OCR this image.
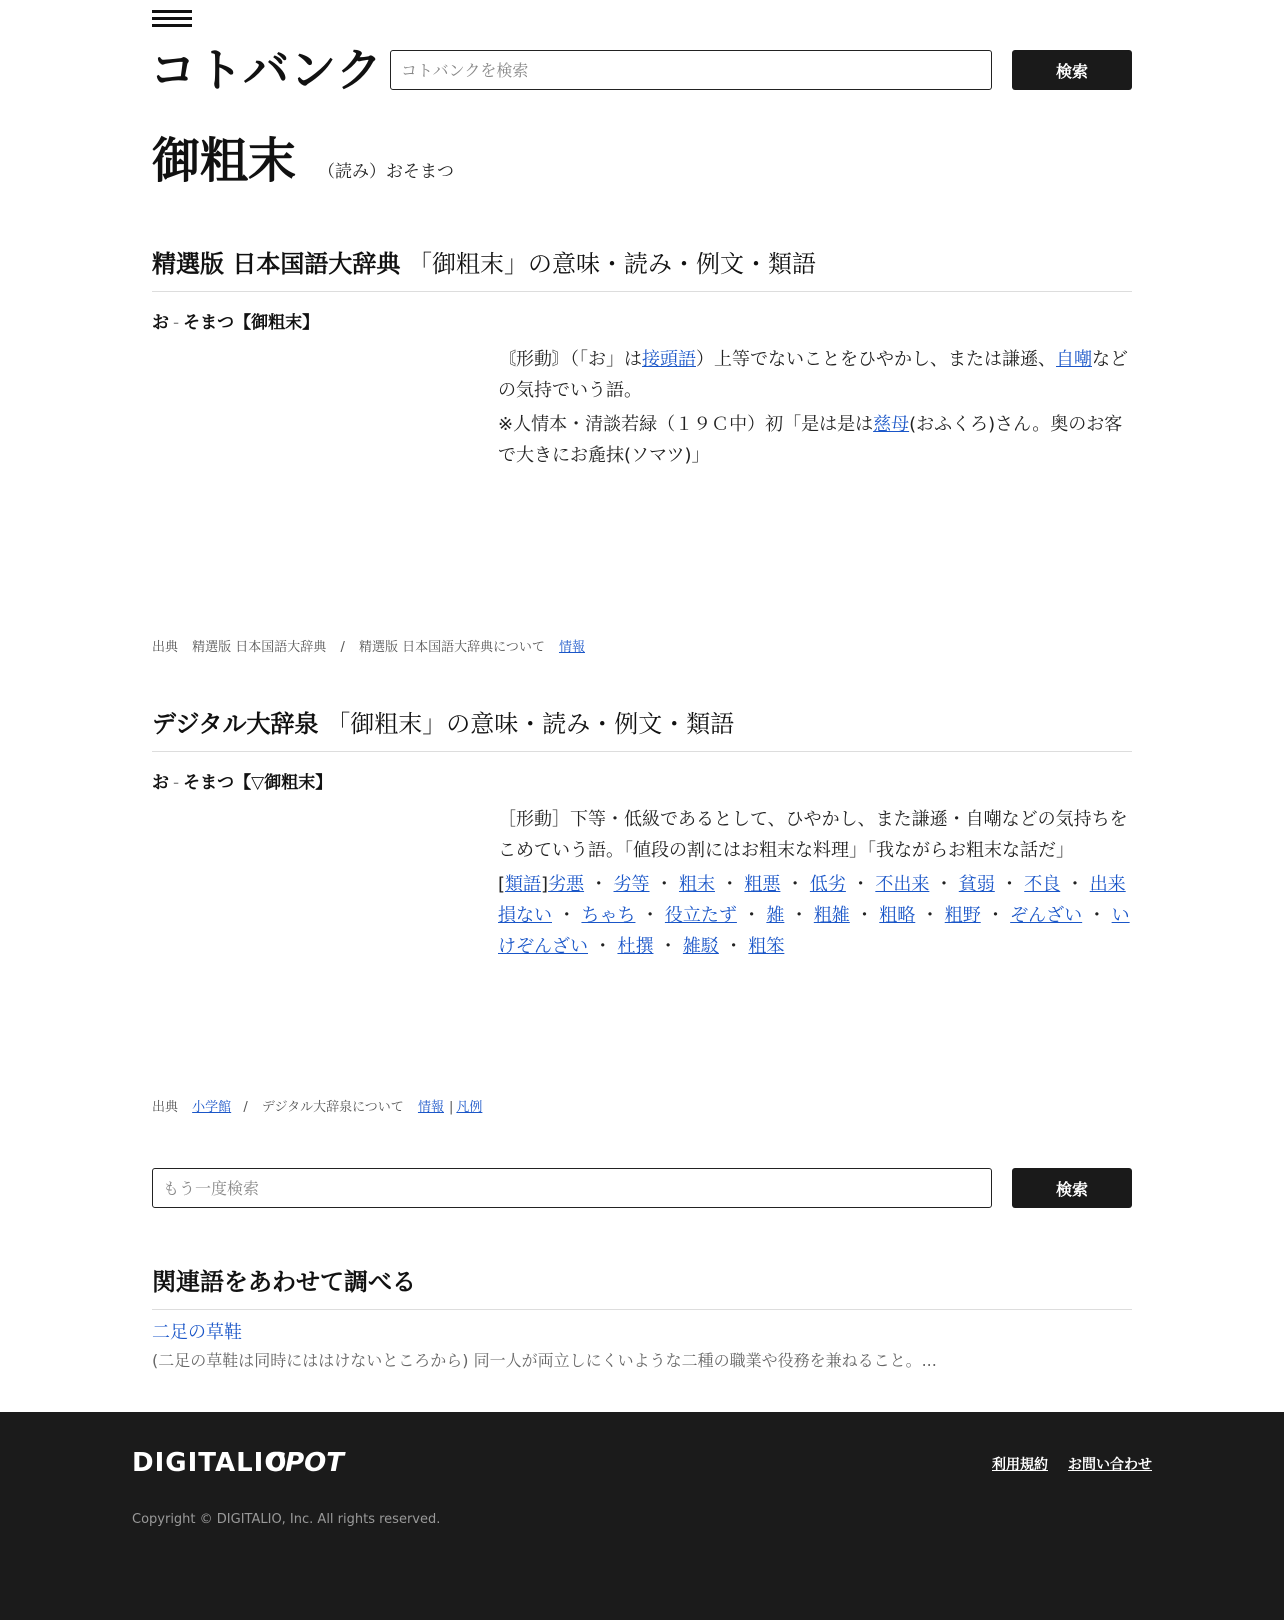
コトバンク
コトバンクを検索	検索
御粗末 （読み）おそまつ
精選版 日本国語大辞典 「御粗末」の意味・読み・例文・類語
お - そまつ【御粗末】

〘形動〙（「お」は接頭語）上等でないことをひやかし、または謙遜、自嘲などの気持でいう語。

※人情本・清談若緑（１９Ｃ中）初「是は是は慈母(おふくろ)さん。奥のお客で大きにお麁抹(ソマツ)」

出典 精選版 日本国語大辞典 / 精選版 日本国語大辞典について 情報
デジタル大辞泉 「御粗末」の意味・読み・例文・類語
お - そまつ【▽御粗末】

［形動］下等・低級であるとして、ひやかし、また謙遜・自嘲などの気持ちをこめていう語。「値段の割にはお粗末な料理」「我ながらお粗末な話だ」

[類語]劣悪 ・ 劣等 ・ 粗末 ・ 粗悪 ・ 低劣 ・ 不出来 ・ 貧弱 ・ 不良 ・ 出来損ない ・ ちゃち ・ 役立たず ・ 雑 ・ 粗雑 ・ 粗略 ・ 粗野 ・ ぞんざい ・ いけぞんざい ・ 杜撰 ・ 雑駁 ・ 粗笨

出典 小学館 / デジタル大辞泉について 情報 | 凡例
もう一度検索
検索
関連語をあわせて調べる
二足の草鞋
(二足の草鞋は同時にははけないところから) 同一人が両立しにくいような二種の職業や役務を兼ねること。...
DIGITALIO
CPOT	利用規約 お問い合わせ
Copyright © DIGITALIO, Inc. All rights reserved.
